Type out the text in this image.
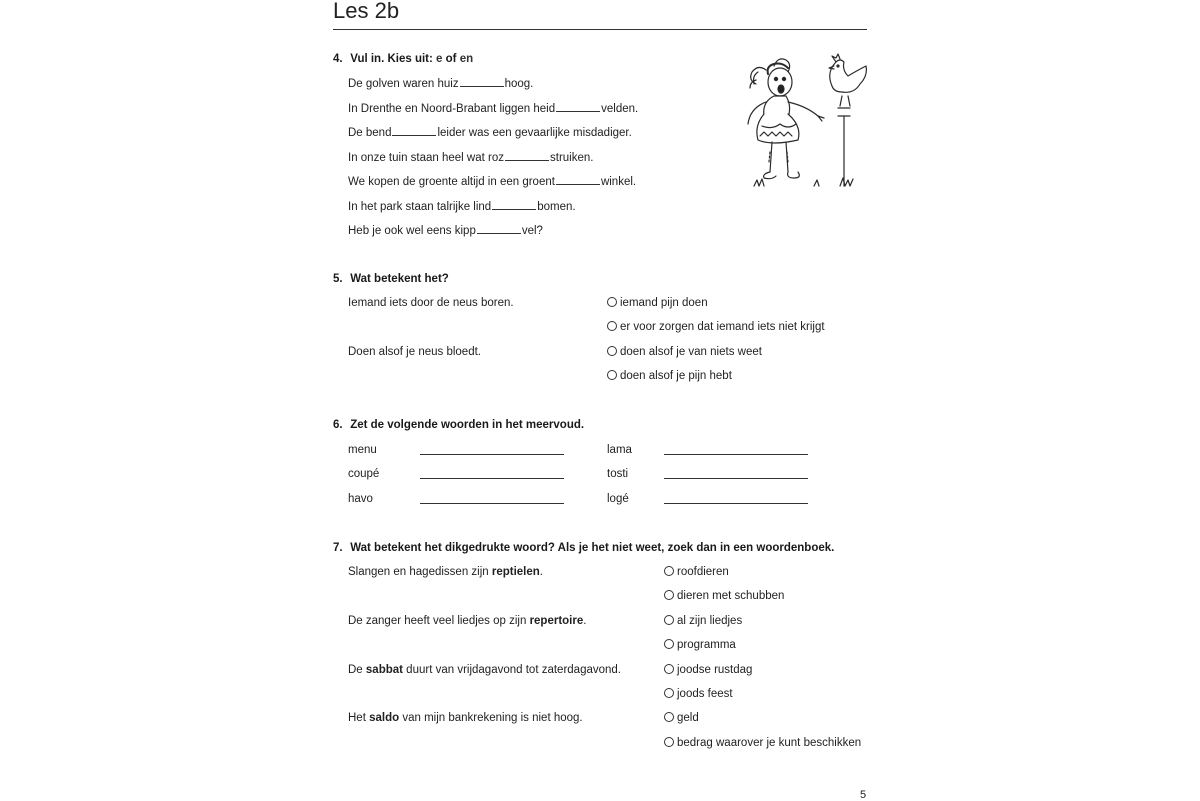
Les 2b
4. Vul in. Kies uit: e of en
De golven waren huiz	hoog.
In Drenthe en Noord-Brabant liggen heid	velden.
De bend	leider was een gevaarlijke misdadiger.
In onze tuin staan heel wat roz	struiken.
We kopen de groente altijd in een groent	winkel.
In het park staan talrijke lind	bomen.
Heb je ook wel eens kipp	vel?
5. Wat betekent het?
Iemand iets door de neus boren.	iemand pijn doen
er voor zorgen dat iemand iets niet krijgt
Doen alsof je neus bloedt.	doen alsof je van niets weet
doen alsof je pijn hebt
6. Zet de volgende woorden in het meervoud.
menu	lama
coupé	tosti
havo	logé
7. Wat betekent het dikgedrukte woord? Als je het niet weet, zoek dan in een woordenboek.
Slangen en hagedissen zijn reptielen.	roofdieren
dieren met schubben
De zanger heeft veel liedjes op zijn repertoire.	al zijn liedjes
programma
De sabbat duurt van vrijdagavond tot zaterdagavond.	joodse rustdag
joods feest
Het saldo van mijn bankrekening is niet hoog.	geld
bedrag waarover je kunt beschikken
5
